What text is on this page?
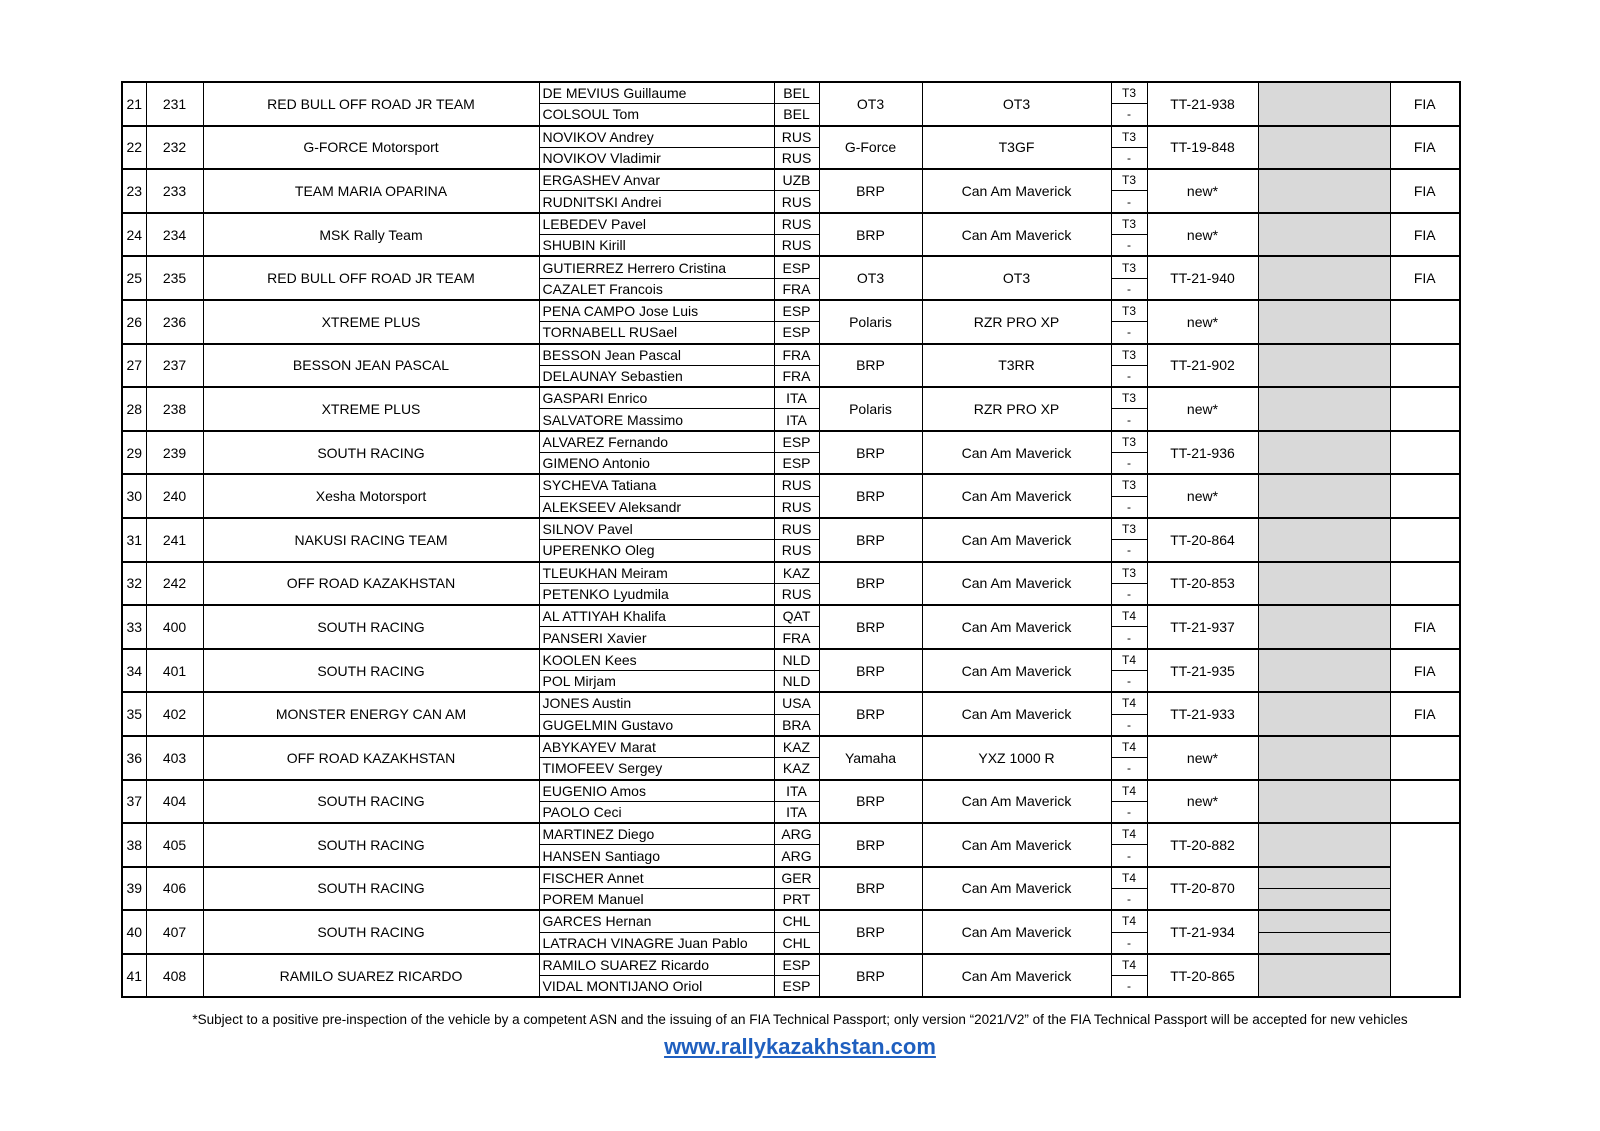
21	231	RED BULL OFF ROAD JR TEAM	DE MEVIUS Guillaume	BEL	OT3	OT3	T3	TT-21-938		FIA
			COLSOUL Tom	BEL			-			
22	232	G-FORCE Motorsport	NOVIKOV Andrey	RUS	G-Force	T3GF	T3	TT-19-848		FIA
			NOVIKOV Vladimir	RUS			-			
23	233	TEAM MARIA OPARINA	ERGASHEV Anvar	UZB	BRP	Can Am Maverick	T3	new*		FIA
			RUDNITSKI Andrei	RUS			-			
24	234	MSK Rally Team	LEBEDEV Pavel	RUS	BRP	Can Am Maverick	T3	new*		FIA
			SHUBIN Kirill	RUS			-			
25	235	RED BULL OFF ROAD JR TEAM	GUTIERREZ Herrero Cristina	ESP	OT3	OT3	T3	TT-21-940		FIA
			CAZALET Francois	FRA			-			
26	236	XTREME PLUS	PENA CAMPO Jose Luis	ESP	Polaris	RZR PRO XP	T3	new*		
			TORNABELL RUSael	ESP			-			
27	237	BESSON JEAN PASCAL	BESSON Jean Pascal	FRA	BRP	T3RR	T3	TT-21-902		
			DELAUNAY Sebastien	FRA			-			
28	238	XTREME PLUS	GASPARI Enrico	ITA	Polaris	RZR PRO XP	T3	new*		
			SALVATORE Massimo	ITA			-			
29	239	SOUTH RACING	ALVAREZ Fernando	ESP	BRP	Can Am Maverick	T3	TT-21-936		
			GIMENO Antonio	ESP			-			
30	240	Xesha Motorsport	SYCHEVA Tatiana	RUS	BRP	Can Am Maverick	T3	new*		
			ALEKSEEV Aleksandr	RUS			-			
31	241	NAKUSI RACING TEAM	SILNOV Pavel	RUS	BRP	Can Am Maverick	T3	TT-20-864		
			UPERENKO Oleg	RUS			-			
32	242	OFF ROAD KAZAKHSTAN	TLEUKHAN Meiram	KAZ	BRP	Can Am Maverick	T3	TT-20-853		
			PETENKO Lyudmila	RUS			-			
33	400	SOUTH RACING	AL ATTIYAH Khalifa	QAT	BRP	Can Am Maverick	T4	TT-21-937		FIA
			PANSERI Xavier	FRA			-			
34	401	SOUTH RACING	KOOLEN Kees	NLD	BRP	Can Am Maverick	T4	TT-21-935		FIA
			POL Mirjam	NLD			-			
35	402	MONSTER ENERGY CAN AM	JONES Austin	USA	BRP	Can Am Maverick	T4	TT-21-933		FIA
			GUGELMIN Gustavo	BRA			-			
36	403	OFF ROAD KAZAKHSTAN	ABYKAYEV Marat	KAZ	Yamaha	YXZ 1000 R	T4	new*		
			TIMOFEEV Sergey	KAZ			-			
37	404	SOUTH RACING	EUGENIO Amos	ITA	BRP	Can Am Maverick	T4	new*		
			PAOLO Ceci	ITA			-			
38	405	SOUTH RACING	MARTINEZ Diego	ARG	BRP	Can Am Maverick	T4	TT-20-882		
			HANSEN Santiago	ARG			-			
39	406	SOUTH RACING	FISCHER Annet	GER	BRP	Can Am Maverick	T4	TT-20-870		
			POREM Manuel	PRT			-			
40	407	SOUTH RACING	GARCES Hernan	CHL	BRP	Can Am Maverick	T4	TT-21-934		
			LATRACH VINAGRE Juan Pablo	CHL			-			
41	408	RAMILO SUAREZ RICARDO	RAMILO SUAREZ Ricardo	ESP	BRP	Can Am Maverick	T4	TT-20-865		
			VIDAL MONTIJANO Oriol	ESP			-			
*Subject to a positive pre-inspection of the vehicle by a competent ASN and the issuing of an FIA Technical Passport; only version “2021/V2” of the FIA Technical Passport will be accepted for new vehicles
www.rallykazakhstan.com
